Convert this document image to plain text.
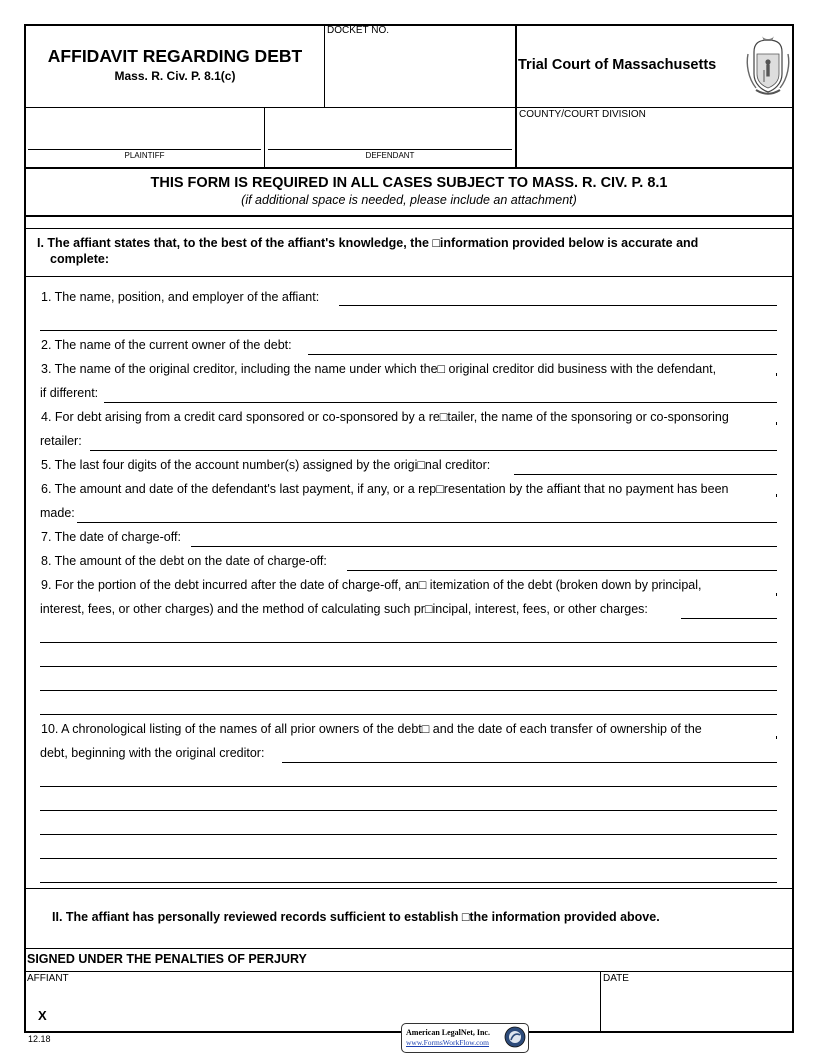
AFFIDAVIT REGARDING DEBT
Mass. R. Civ. P. 8.1(c)
DOCKET NO.
Trial Court of Massachusetts
PLAINTIFF	DEFENDANT
COUNTY/COURT DIVISION
THIS FORM IS REQUIRED IN ALL CASES SUBJECT TO MASS. R. CIV. P. 8.1
(if additional space is needed, please include an attachment)
I. The affiant states that, to the best of the affiant's knowledge, the □information provided below is accurate and
complete:
1. The name, position, and employer of the affiant:
2. The name of the current owner of the debt:
3. The name of the original creditor, including the name under which the□ original creditor did business with the defendant,
if different:
4. For debt arising from a credit card sponsored or co-sponsored by a re□tailer, the name of the sponsoring or co-sponsoring
retailer:
5. The last four digits of the account number(s) assigned by the origi□nal creditor:
6. The amount and date of the defendant's last payment, if any, or a rep□resentation by the affiant that no payment has been
made:
7. The date of charge-off:
8. The amount of the debt on the date of charge-off:
9. For the portion of the debt incurred after the date of charge-off, an□ itemization of the debt (broken down by principal,
interest, fees, or other charges) and the method of calculating such pr□incipal, interest, fees, or other charges:
10. A chronological listing of the names of all prior owners of the debt□ and the date of each transfer of ownership of the
debt, beginning with the original creditor:
II. The affiant has personally reviewed records sufficient to establish □the information provided above.
SIGNED UNDER THE PENALTIES OF PERJURY
AFFIANT
X
DATE
12.18
American LegalNet, Inc.
www.FormsWorkFlow.com
